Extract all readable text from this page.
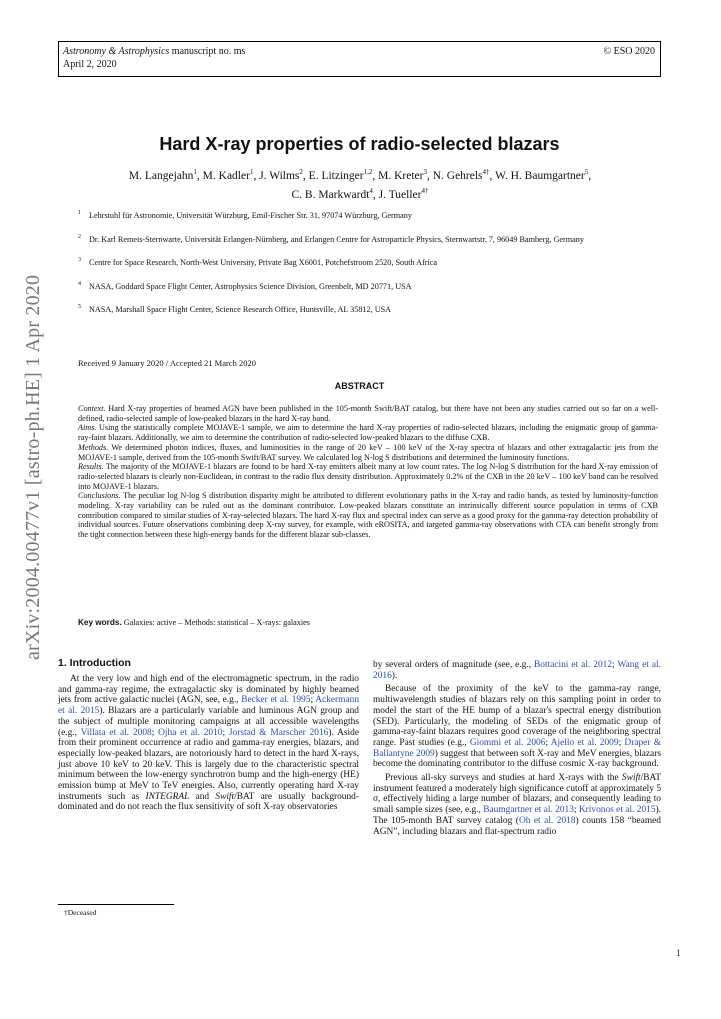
Astronomy & Astrophysics manuscript no. ms
April 2, 2020
© ESO 2020
arXiv:2004.00477v1 [astro-ph.HE] 1 Apr 2020
Hard X-ray properties of radio-selected blazars
M. Langejahn$^1$, M. Kadler$^1$, J. Wilms$^2$, E. Litzinger$^{1,2}$, M. Kreter$^3$, N. Gehrels$^{4\dagger}$, W. H. Baumgartner$^5$,
C. B. Markwardt$^4$, J. Tueller$^{4\dagger}$
1 Lehrstuhl für Astronomie, Universität Würzburg, Emil-Fischer Str. 31, 97074 Würzburg, Germany
2 Dr. Karl Remeis-Sternwarte, Universität Erlangen-Nürnberg, and Erlangen Centre for Astroparticle Physics, Sternwartstr. 7, 96049 Bamberg, Germany
3 Centre for Space Research, North-West University, Private Bag X6001, Potchefstroom 2520, South Africa
4 NASA, Goddard Space Flight Center, Astrophysics Science Division, Greenbelt, MD 20771, USA
5 NASA, Marshall Space Flight Center, Science Research Office, Huntsville, AL 35812, USA
Received 9 January 2020 / Accepted 21 March 2020
ABSTRACT
Context. Hard X-ray properties of beamed AGN have been published in the 105-month Swift/BAT catalog, but there have not been any studies carried out so far on a well-defined, radio-selected sample of low-peaked blazars in the hard X-ray band.
Aims. Using the statistically complete MOJAVE-1 sample, we aim to determine the hard X-ray properties of radio-selected blazars, including the enigmatic group of gamma-ray-faint blazars. Additionally, we aim to determine the contribution of radio-selected low-peaked blazars to the diffuse CXB.
Methods. We determined photon indices, fluxes, and luminosities in the range of 20 keV – 100 keV of the X-ray spectra of blazars and other extragalactic jets from the MOJAVE-1 sample, derived from the 105-month Swift/BAT survey. We calculated log N-log S distributions and determined the luminosity functions.
Results. The majority of the MOJAVE-1 blazars are found to be hard X-ray emitters albeit many at low count rates. The log N-log S distribution for the hard X-ray emission of radio-selected blazars is clearly non-Euclidean, in contrast to the radio flux density distribution. Approximately 0.2% of the CXB in the 20 keV – 100 keV band can be resolved into MOJAVE-1 blazars.
Conclusions. The peculiar log N-log S distribution disparity might be attributed to different evolutionary paths in the X-ray and radio bands, as tested by luminosity-function modeling. X-ray variability can be ruled out as the dominant contributor. Low-peaked blazars constitute an intrinsically different source population in terms of CXB contribution compared to similar studies of X-ray-selected blazars. The hard X-ray flux and spectral index can serve as a good proxy for the gamma-ray detection probability of individual sources. Future observations combining deep X-ray survey, for example, with eROSITA, and targeted gamma-ray observations with CTA can benefit strongly from the tight connection between these high-energy bands for the different blazar sub-classes.
Key words. Galaxies: active – Methods: statistical – X-rays: galaxies
1. Introduction

At the very low and high end of the electromagnetic spectrum, in the radio and gamma-ray regime, the extragalactic sky is dominated by highly beamed jets from active galactic nuclei (AGN, see, e.g., Becker et al. 1995; Ackermann et al. 2015). Blazars are a particularly variable and luminous AGN group and the subject of multiple monitoring campaigns at all accessible wavelengths (e.g., Villata et al. 2008; Ojha et al. 2010; Jorstad & Marscher 2016). Aside from their prominent occurrence at radio and gamma-ray energies, blazars, and especially low-peaked blazars, are notoriously hard to detect in the hard X-rays, just above 10 keV to 20 keV. This is largely due to the characteristic spectral minimum between the low-energy synchrotron bump and the high-energy (HE) emission bump at MeV to TeV energies. Also, currently operating hard X-ray instruments such as INTEGRAL and Swift/BAT are usually background-dominated and do not reach the flux sensitivity of soft X-ray observatories

by several orders of magnitude (see, e.g., Bottacini et al. 2012; Wang et al. 2016).

Because of the proximity of the keV to the gamma-ray range, multiwavelength studies of blazars rely on this sampling point in order to model the start of the HE bump of a blazar's spectral energy distribution (SED). Particularly, the modeling of SEDs of the enigmatic group of gamma-ray-faint blazars requires good coverage of the neighboring spectral range. Past studies (e.g., Giommi et al. 2006; Ajello et al. 2009; Draper & Ballantyne 2009) suggest that between soft X-ray and MeV energies, blazars become the dominating contributor to the diffuse cosmic X-ray background.

Previous all-sky surveys and studies at hard X-rays with the Swift/BAT instrument featured a moderately high significance cutoff at approximately 5 σ, effectively hiding a large number of blazars, and consequently leading to small sample sizes (see, e.g., Baumgartner et al. 2013; Krivonos et al. 2015). The 105-month BAT survey catalog (Oh et al. 2018) counts 158 “beamed AGN”, including blazars and flat-spectrum radio

†Deceased
1
